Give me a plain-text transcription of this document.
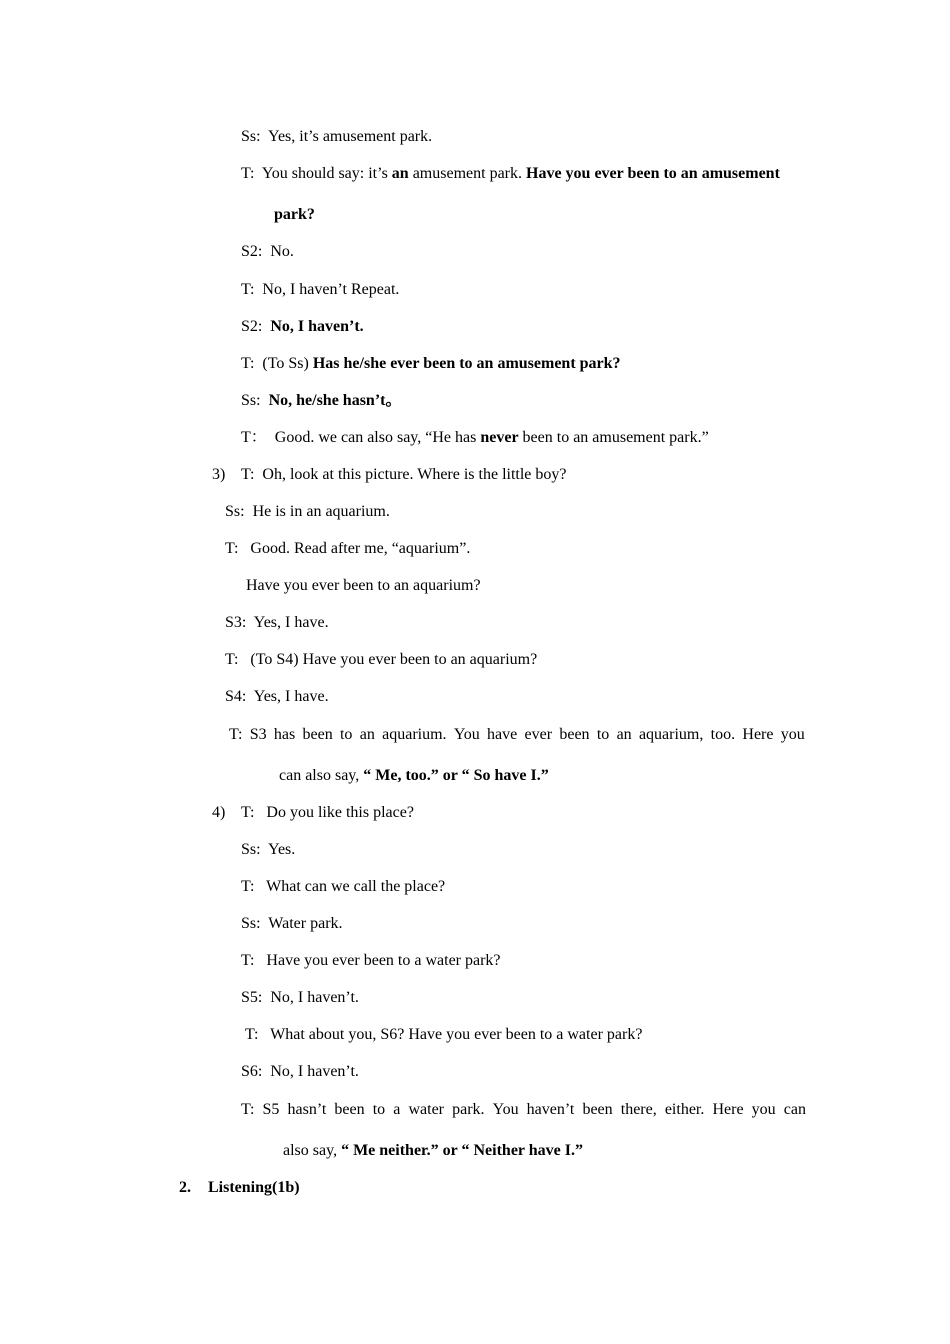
Ss: Yes, it’s amusement park.
T: You should say: it’s an amusement park. Have you ever been to an amusement
park?
S2: No.
T: No, I haven’t Repeat.
S2: No, I haven’t.
T: (To Ss) Has he/she ever been to an amusement park?
Ss: No, he/she hasn’t。
T： Good. we can also say, “He has never been to an amusement park.”
3) T: Oh, look at this picture. Where is the little boy?
Ss: He is in an aquarium.
T: Good. Read after me, “aquarium”.
Have you ever been to an aquarium?
S3: Yes, I have.
T: (To S4) Have you ever been to an aquarium?
S4: Yes, I have.
T: S3 has been to an aquarium. You have ever been to an aquarium, too. Here you
can also say, “ Me, too.” or “ So have I.”
4) T: Do you like this place?
Ss: Yes.
T: What can we call the place?
Ss: Water park.
T: Have you ever been to a water park?
S5: No, I haven’t.
T: What about you, S6? Have you ever been to a water park?
S6: No, I haven’t.
T: S5 hasn’t been to a water park. You haven’t been there, either. Here you can
also say, “ Me neither.” or “ Neither have I.”
2. Listening(1b)
